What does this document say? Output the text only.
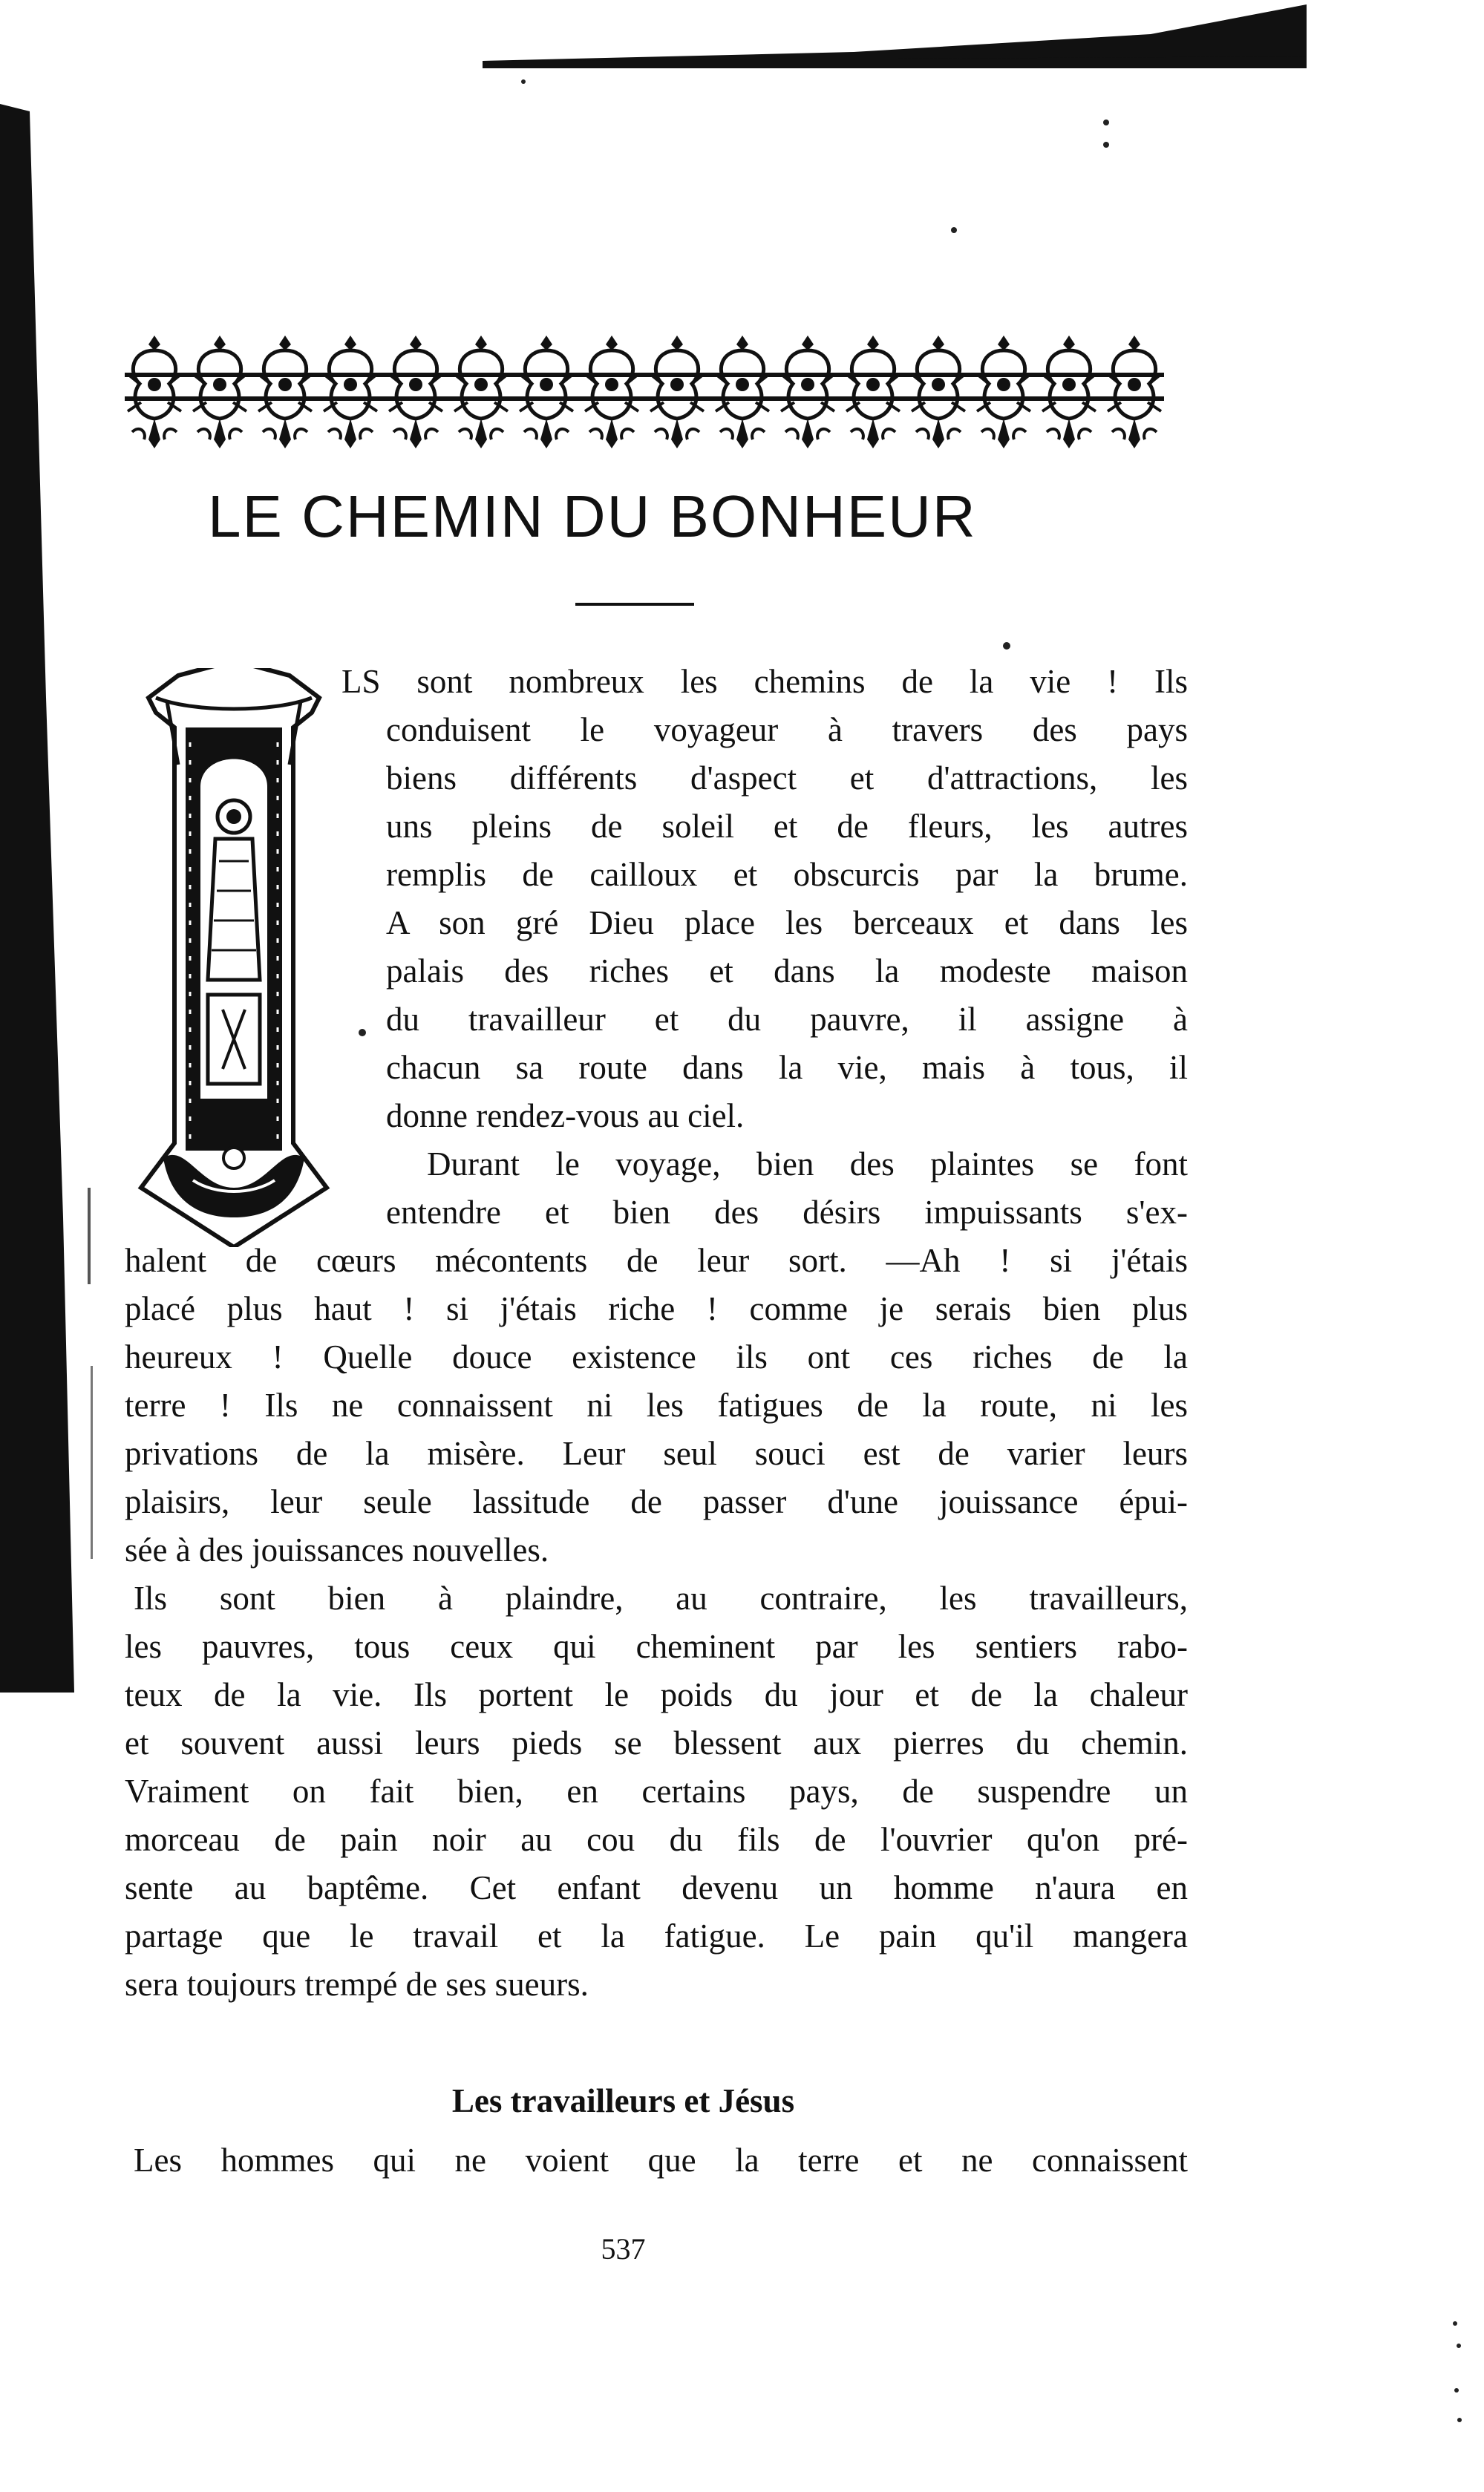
LE CHEMIN DU BONHEUR
LS sont nombreux les chemins de la vie ! Ils
conduisent le voyageur à travers des pays
biens différents d'aspect et d'attractions, les
uns pleins de soleil et de fleurs, les autres
remplis de cailloux et obscurcis par la brume.
A son gré Dieu place les berceaux et dans les
palais des riches et dans la modeste maison
du travailleur et du pauvre, il assigne à
chacun sa route dans la vie, mais à tous, il
donne rendez-vous au ciel.
Durant le voyage, bien des plaintes se font
entendre et bien des désirs impuissants s'ex-
halent de cœurs mécontents de leur sort. —Ah ! si j'étais
placé plus haut ! si j'étais riche ! comme je serais bien plus
heureux ! Quelle douce existence ils ont ces riches de la
terre ! Ils ne connaissent ni les fatigues de la route, ni les
privations de la misère. Leur seul souci est de varier leurs
plaisirs, leur seule lassitude de passer d'une jouissance épui-
sée à des jouissances nouvelles.
Ils sont bien à plaindre, au contraire, les travailleurs,
les pauvres, tous ceux qui cheminent par les sentiers rabo-
teux de la vie. Ils portent le poids du jour et de la chaleur
et souvent aussi leurs pieds se blessent aux pierres du chemin.
Vraiment on fait bien, en certains pays, de suspendre un
morceau de pain noir au cou du fils de l'ouvrier qu'on pré-
sente au baptême. Cet enfant devenu un homme n'aura en
partage que le travail et la fatigue. Le pain qu'il mangera
sera toujours trempé de ses sueurs.
Les travailleurs et Jésus
Les hommes qui ne voient que la terre et ne connaissent
537
